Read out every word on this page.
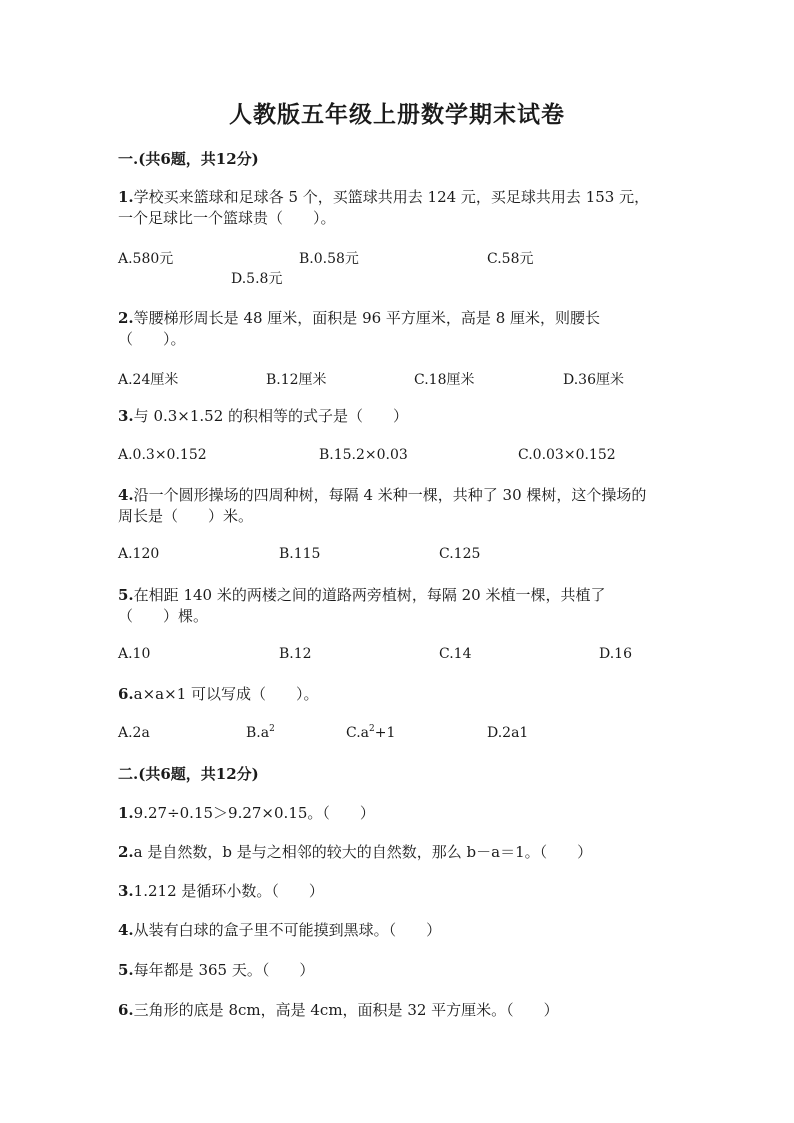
人教版五年级上册数学期末试卷
一.(共6题，共12分)
1.学校买来篮球和足球各 5 个，买篮球共用去 124 元，买足球共用去 153 元，
一个足球比一个篮球贵（　　）。
A.580元	B.0.58元	C.58元
D.5.8元
2.等腰梯形周长是 48 厘米，面积是 96 平方厘米，高是 8 厘米，则腰长
（　　）。
A.24厘米	B.12厘米	C.18厘米	D.36厘米
3.与 0.3×1.52 的积相等的式子是（　　）
A.0.3×0.152	B.15.2×0.03	C.0.03×0.152
4.沿一个圆形操场的四周种树，每隔 4 米种一棵，共种了 30 棵树，这个操场的
周长是（　　）米。
A.120	B.115	C.125
5.在相距 140 米的两楼之间的道路两旁植树，每隔 20 米植一棵，共植了
（　　）棵。
A.10	B.12	C.14	D.16
6.a×a×1 可以写成（　　）。
A.2a	$B.a^2$	$C.a^2+1$	D.2a1
二.(共6题，共12分)
1.9.27÷0.15＞9.27×0.15。（　　）
2.a 是自然数，b 是与之相邻的较大的自然数，那么 b－a＝1。（　　）
3.1.212 是循环小数。（　　）
4.从装有白球的盒子里不可能摸到黑球。（　　）
5.每年都是 365 天。（　　）
6.三角形的底是 8cm，高是 4cm，面积是 32 平方厘米。（　　）
